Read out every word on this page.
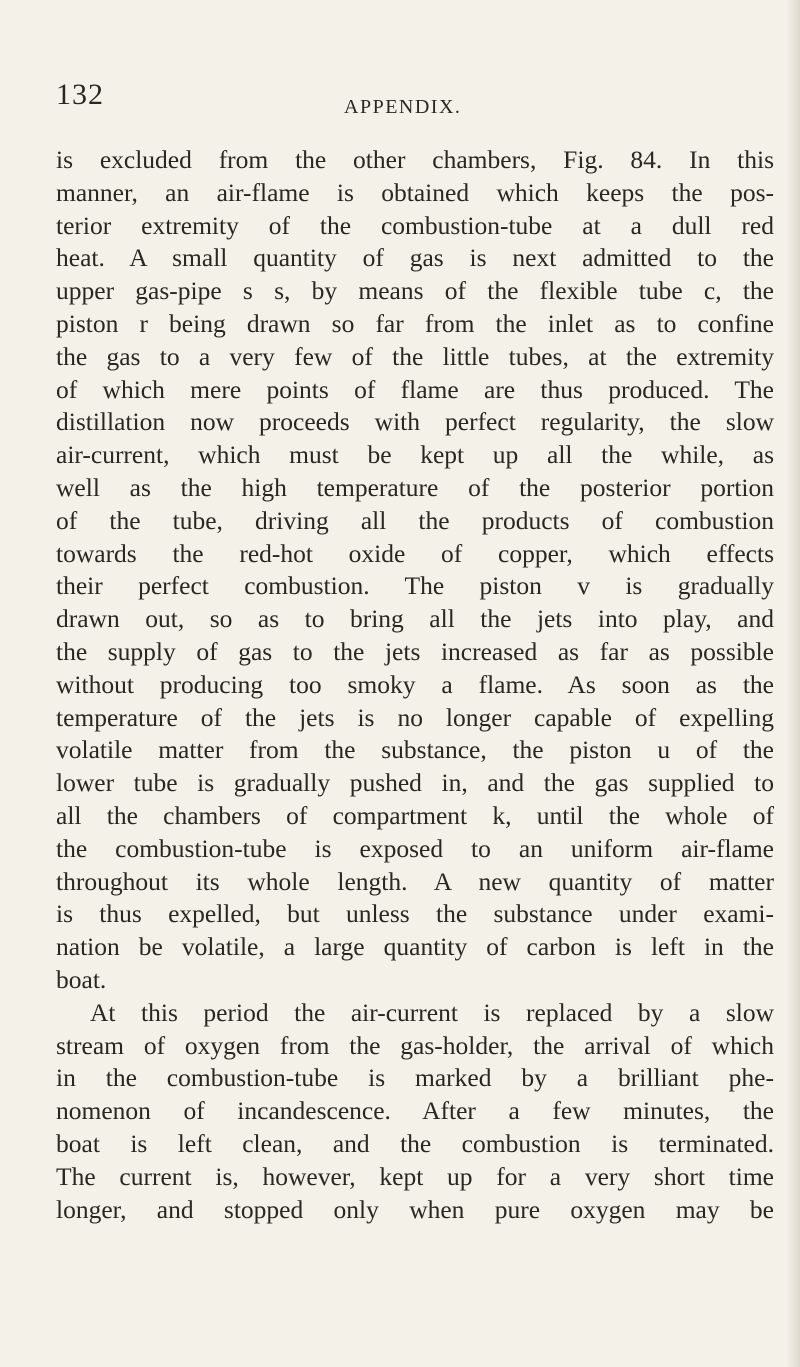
132	APPENDIX.
is excluded from the other chambers, Fig. 84. In this
manner, an air-flame is obtained which keeps the pos-
terior extremity of the combustion-tube at a dull red
heat. A small quantity of gas is next admitted to the
upper gas-pipe s s, by means of the flexible tube c, the
piston r being drawn so far from the inlet as to confine
the gas to a very few of the little tubes, at the extremity
of which mere points of flame are thus produced. The
distillation now proceeds with perfect regularity, the slow
air-current, which must be kept up all the while, as
well as the high temperature of the posterior portion
of the tube, driving all the products of combustion
towards the red-hot oxide of copper, which effects
their perfect combustion. The piston v is gradually
drawn out, so as to bring all the jets into play, and
the supply of gas to the jets increased as far as possible
without producing too smoky a flame. As soon as the
temperature of the jets is no longer capable of expelling
volatile matter from the substance, the piston u of the
lower tube is gradually pushed in, and the gas supplied to
all the chambers of compartment k, until the whole of
the combustion-tube is exposed to an uniform air-flame
throughout its whole length. A new quantity of matter
is thus expelled, but unless the substance under exami-
nation be volatile, a large quantity of carbon is left in the
boat.
At this period the air-current is replaced by a slow
stream of oxygen from the gas-holder, the arrival of which
in the combustion-tube is marked by a brilliant phe-
nomenon of incandescence. After a few minutes, the
boat is left clean, and the combustion is terminated.
The current is, however, kept up for a very short time
longer, and stopped only when pure oxygen may be
